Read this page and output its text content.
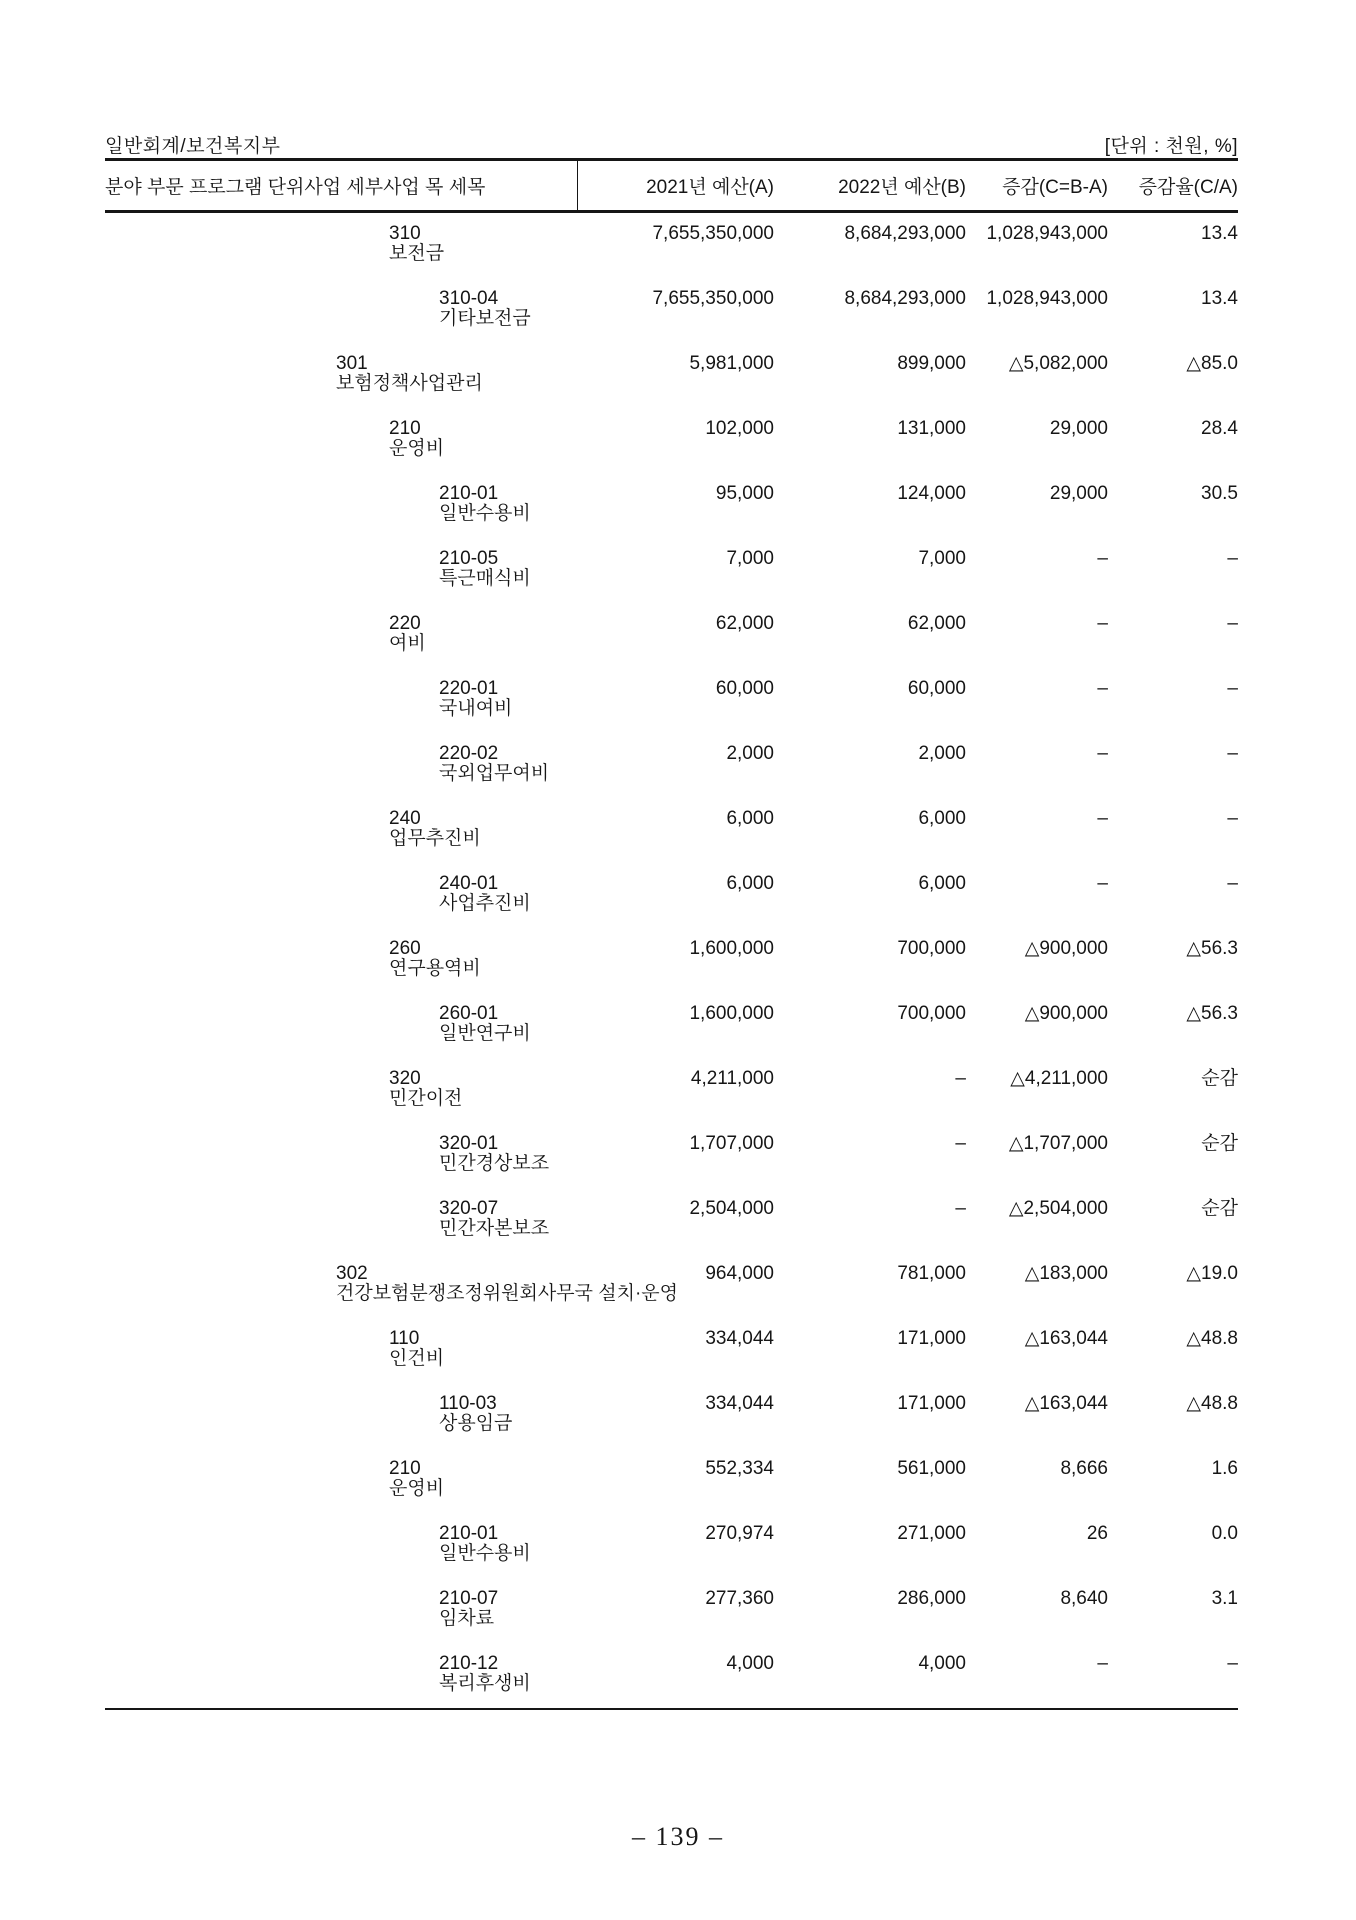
일반회계/보건복지부	[단위 : 천원, %]
분야 부문 프로그램 단위사업 세부사업 목 세목	2021년 예산(A)	2022년 예산(B)	증감(C=B-A)	증감율(C/A)
310
보전금
7,655,350,000	8,684,293,000	1,028,943,000	13.4
310-04
기타보전금
7,655,350,000	8,684,293,000	1,028,943,000	13.4
301
보험정책사업관리
5,981,000	899,000	△5,082,000	△85.0
210
운영비
102,000	131,000	29,000	28.4
210-01
일반수용비
95,000	124,000	29,000	30.5
210-05
특근매식비
7,000	7,000	–	–
220
여비
62,000	62,000	–	–
220-01
국내여비
60,000	60,000	–	–
220-02
국외업무여비
2,000	2,000	–	–
240
업무추진비
6,000	6,000	–	–
240-01
사업추진비
6,000	6,000	–	–
260
연구용역비
1,600,000	700,000	△900,000	△56.3
260-01
일반연구비
1,600,000	700,000	△900,000	△56.3
320
민간이전
4,211,000	–	△4,211,000	순감
320-01
민간경상보조
1,707,000	–	△1,707,000	순감
320-07
민간자본보조
2,504,000	–	△2,504,000	순감
302
건강보험분쟁조정위원회사무국 설치·운영
964,000	781,000	△183,000	△19.0
110
인건비
334,044	171,000	△163,044	△48.8
110-03
상용임금
334,044	171,000	△163,044	△48.8
210
운영비
552,334	561,000	8,666	1.6
210-01
일반수용비
270,974	271,000	26	0.0
210-07
임차료
277,360	286,000	8,640	3.1
210-12
복리후생비
4,000	4,000	–	–
– 139 –
